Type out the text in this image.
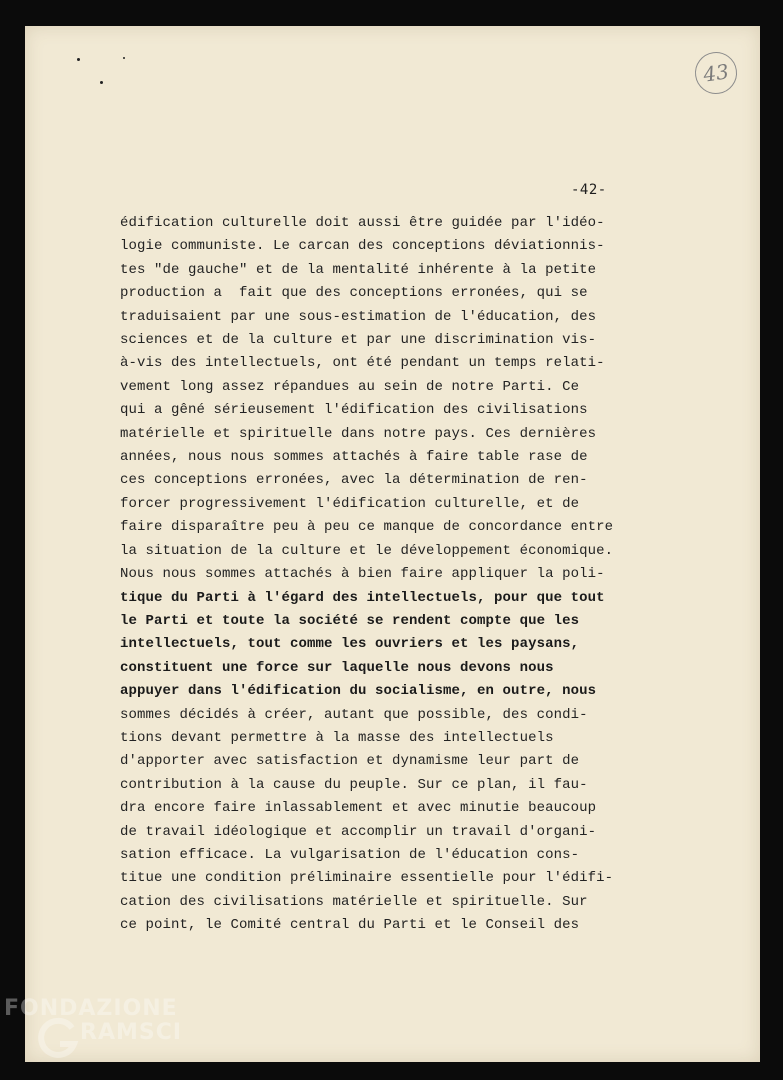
43
-42-
édification culturelle doit aussi être guidée par l'idéo-
logie communiste. Le carcan des conceptions déviationnis-
tes "de gauche" et de la mentalité inhérente à la petite
production a  fait que des conceptions erronées, qui se
traduisaient par une sous-estimation de l'éducation, des
sciences et de la culture et par une discrimination vis-
à-vis des intellectuels, ont été pendant un temps relati-
vement long assez répandues au sein de notre Parti. Ce
qui a gêné sérieusement l'édification des civilisations
matérielle et spirituelle dans notre pays. Ces dernières
années, nous nous sommes attachés à faire table rase de
ces conceptions erronées, avec la détermination de ren-
forcer progressivement l'édification culturelle, et de
faire disparaître peu à peu ce manque de concordance entre
la situation de la culture et le développement économique.
Nous nous sommes attachés à bien faire appliquer la poli-
tique du Parti à l'égard des intellectuels, pour que tout
le Parti et toute la société se rendent compte que les
intellectuels, tout comme les ouvriers et les paysans,
constituent une force sur laquelle nous devons nous
appuyer dans l'édification du socialisme, en outre, nous
sommes décidés à créer, autant que possible, des condi-
tions devant permettre à la masse des intellectuels
d'apporter avec satisfaction et dynamisme leur part de
contribution à la cause du peuple. Sur ce plan, il fau-
dra encore faire inlassablement et avec minutie beaucoup
de travail idéologique et accomplir un travail d'organi-
sation efficace. La vulgarisation de l'éducation cons-
titue une condition préliminaire essentielle pour l'édifi-
cation des civilisations matérielle et spirituelle. Sur
ce point, le Comité central du Parti et le Conseil des
FONDAZIONE
RAMSCI
